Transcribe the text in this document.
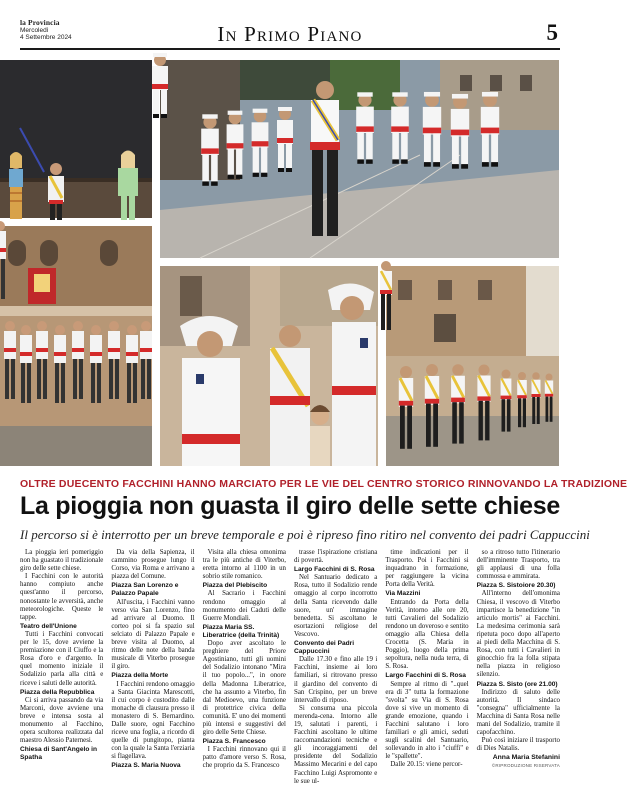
la Provincia
Mercoledì
4 Settembre 2024	In Primo Piano	5
OLTRE DUECENTO FACCHINI HANNO MARCIATO PER LE VIE DEL CENTRO STORICO RINNOVANDO LA TRADIZIONE
La pioggia non guasta il giro delle sette chiese
Il percorso si è interrotto per un breve temporale e poi è ripreso fino ritiro nel convento dei padri Cappuccini

La pioggia ieri pomeriggio non ha guastato il tradizionale giro delle sette chiese.

I Facchini con le autorità hanno compiuto anche quest'anno il percorso, nonostante le avversità, anche meteorologiche. Queste le tappe.

Teatro dell'Unione

Tutti i Facchini convocati per le 15, dove avviene la premiazione con il Ciuffo e la Rosa d'oro e d'argento. In quel momento iniziale il Sodalizio parla alla città e riceve i saluti delle autorità.

Piazza della Repubblica

Ci si arriva passando da via Marconi, dove avviene una breve e intensa sosta al monumento al Facchino, opera scultorea realizzata dal maestro Alessio Paternesi.

Chiesa di Sant'Angelo in Spatha

Da via della Sapienza, il cammino prosegue lungo il Corso, via Roma e arrivano a piazza del Comune.

Piazza San Lorenzo e Palazzo Papale

All'uscita, i Facchini vanno verso via San Lorenzo, fino ad arrivare al Duomo. Il corteo poi si fa spazio sul selciato di Palazzo Papale e breve visita al Duomo, al ritmo delle note della banda musicale di Viterbo prosegue il giro.

Piazza della Morte

I Facchini rendono omaggio a Santa Giacinta Marescotti, il cui corpo è custodito dalle monache di clausura presso il monastero di S. Bernardino. Dalle suore, ogni Facchino riceve una foglia, a ricordo di quelle di pungitopo, pianta con la quale la Santa l'erziaria si flagellava.

Piazza S. Maria Nuova

Visita alla chiesa omonima tra le più antiche di Viterbo, eretta intorno al 1100 in un sobrio stile romanico.

Piazza del Plebiscito

Al Sacrario i Facchini rendono omaggio al monumento dei Caduti delle Guerre Mondiali.

Piazza Maria SS. Liberatrice (della Trinità)

Dopo aver ascoltato le preghiere del Priore Agostiniano, tutti gli uomini del Sodalizio intonano "Mira il tuo popolo...", in onore della Madonna Liberatrice, che ha assunto a Viterbo, fin dal Medioevo, una funzione di protettrice civica della comunità. E' uno dei momenti più intensi e suggestivi del giro delle Sette Chiese.

Piazza S. Francesco

I Facchini rinnovano qui il patto d'amore verso S. Rosa, che proprio da S. Francesco

trasse l'ispirazione cristiana di povertà.

Largo Facchini di S. Rosa

Nel Santuario dedicato a Rosa, tutto il Sodalizio rende omaggio al corpo incorrotto della Santa ricevendo dalle suore, un' immagine benedetta. Si ascoltano le esortazioni religiose del Vescovo.

Convento dei Padri Cappuccini

Dalle 17.30 e fino alle 19 i Facchini, insieme ai loro familiari, si ritrovano presso il giardino del convento di San Crispino, per un breve intervallo di riposo.

Si consuma una piccola merenda-cena. Intorno alle 19, salutati i parenti, i Facchini ascoltano le ultime raccomandazioni tecniche e gli incoraggiamenti del presidente del Sodalizio Massimo Mecarini e del capo Facchino Luigi Aspromonte e le sue ul-

time indicazioni per il Trasporto. Poi i Facchini si inquadrano in formazione, per raggiungere la vicina Porta della Verità.

Via Mazzini

Entrando da Porta della Verità, intorno alle ore 20, tutti Cavalieri del Sodalizio rendono un doveroso e sentito omaggio alla Chiesa della Crocetta (S. Maria in Poggio), luogo della prima sepoltura, nella nuda terra, di S. Rosa.

Largo Facchini di S. Rosa

Sempre al ritmo di "..quel era di 3" tutta la formazione "svolta" su Via di S. Rosa dove si vive un momento di grande emozione, quando i Facchini salutano i loro familiari e gli amici, seduti sugli scalini del Santuario, sollevando in alto i "ciuffi" e le "spallette".

Dalle 20.15: viene percor-

so a ritroso tutto l'itinerario dell'imminente Trasporto, tra gli applausi di una folla commossa e ammirata.

Piazza S. Sistoiore 20.30)

All'interno dell'omonima Chiesa, il vescovo di Viterbo impartisce la benedizione "in articulo mortis" ai Facchini. La medesima cerimonia sarà ripetuta poco dopo all'aperto ai piedi della Macchina di S. Rosa, con tutti i Cavalieri in ginocchio fra la folla stipata nella piazza in religioso silenzio.

Piazza S. Sisto (ore 21.00)

Indirizzo di saluto delle autorità. Il sindaco "consegna" ufficialmente la Macchina di Santa Rosa nelle mani del Sodalizio, tramite il capofacchino.

Può così iniziare il trasporto di Dies Natalis.

Anna Maria Stefanini
©RIPRODUZIONE RISERVATA
